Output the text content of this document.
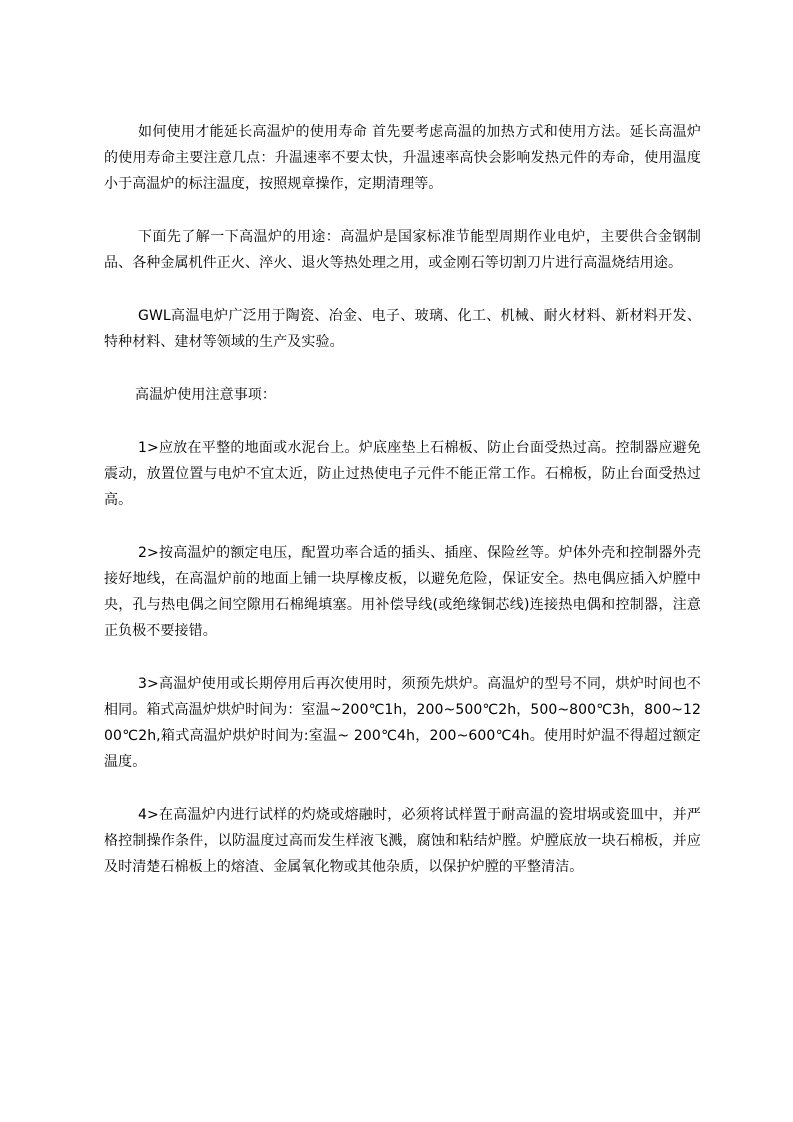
如何使用才能延长高温炉的使用寿命 首先要考虑高温的加热方式和使用方法。延长高温炉的使用寿命主要注意几点：升温速率不要太快，升温速率高快会影响发热元件的寿命，使用温度小于高温炉的标注温度，按照规章操作，定期清理等。

下面先了解一下高温炉的用途：高温炉是国家标准节能型周期作业电炉，主要供合金钢制品、各种金属机件正火、淬火、退火等热处理之用，或金刚石等切割刀片进行高温烧结用途。

GWL高温电炉广泛用于陶瓷、冶金、电子、玻璃、化工、机械、耐火材料、新材料开发、特种材料、建材等领域的生产及实验。

高温炉使用注意事项：

1>应放在平整的地面或水泥台上。炉底座垫上石棉板、防止台面受热过高。控制器应避免震动，放置位置与电炉不宜太近，防止过热使电子元件不能正常工作。石棉板，防止台面受热过高。

2>按高温炉的额定电压，配置功率合适的插头、插座、保险丝等。炉体外壳和控制器外壳接好地线，在高温炉前的地面上铺一块厚橡皮板，以避免危险，保证安全。热电偶应插入炉膛中央，孔与热电偶之间空隙用石棉绳填塞。用补偿导线(或绝缘铜芯线)连接热电偶和控制器，注意正负极不要接错。

3>高温炉使用或长期停用后再次使用时，须预先烘炉。高温炉的型号不同，烘炉时间也不相同。箱式高温炉烘炉时间为：室温~200℃1h，200~500℃2h，500~800℃3h，800~1200℃2h,箱式高温炉烘炉时间为:室温~ 200℃4h，200~600℃4h。使用时炉温不得超过额定温度。

4>在高温炉内进行试样的灼烧或熔融时，必须将试样置于耐高温的瓷坩埚或瓷皿中，并严格控制操作条件，以防温度过高而发生样液飞溅，腐蚀和粘结炉膛。炉膛底放一块石棉板，并应及时清楚石棉板上的熔渣、金属氧化物或其他杂质，以保护炉膛的平整清洁。
